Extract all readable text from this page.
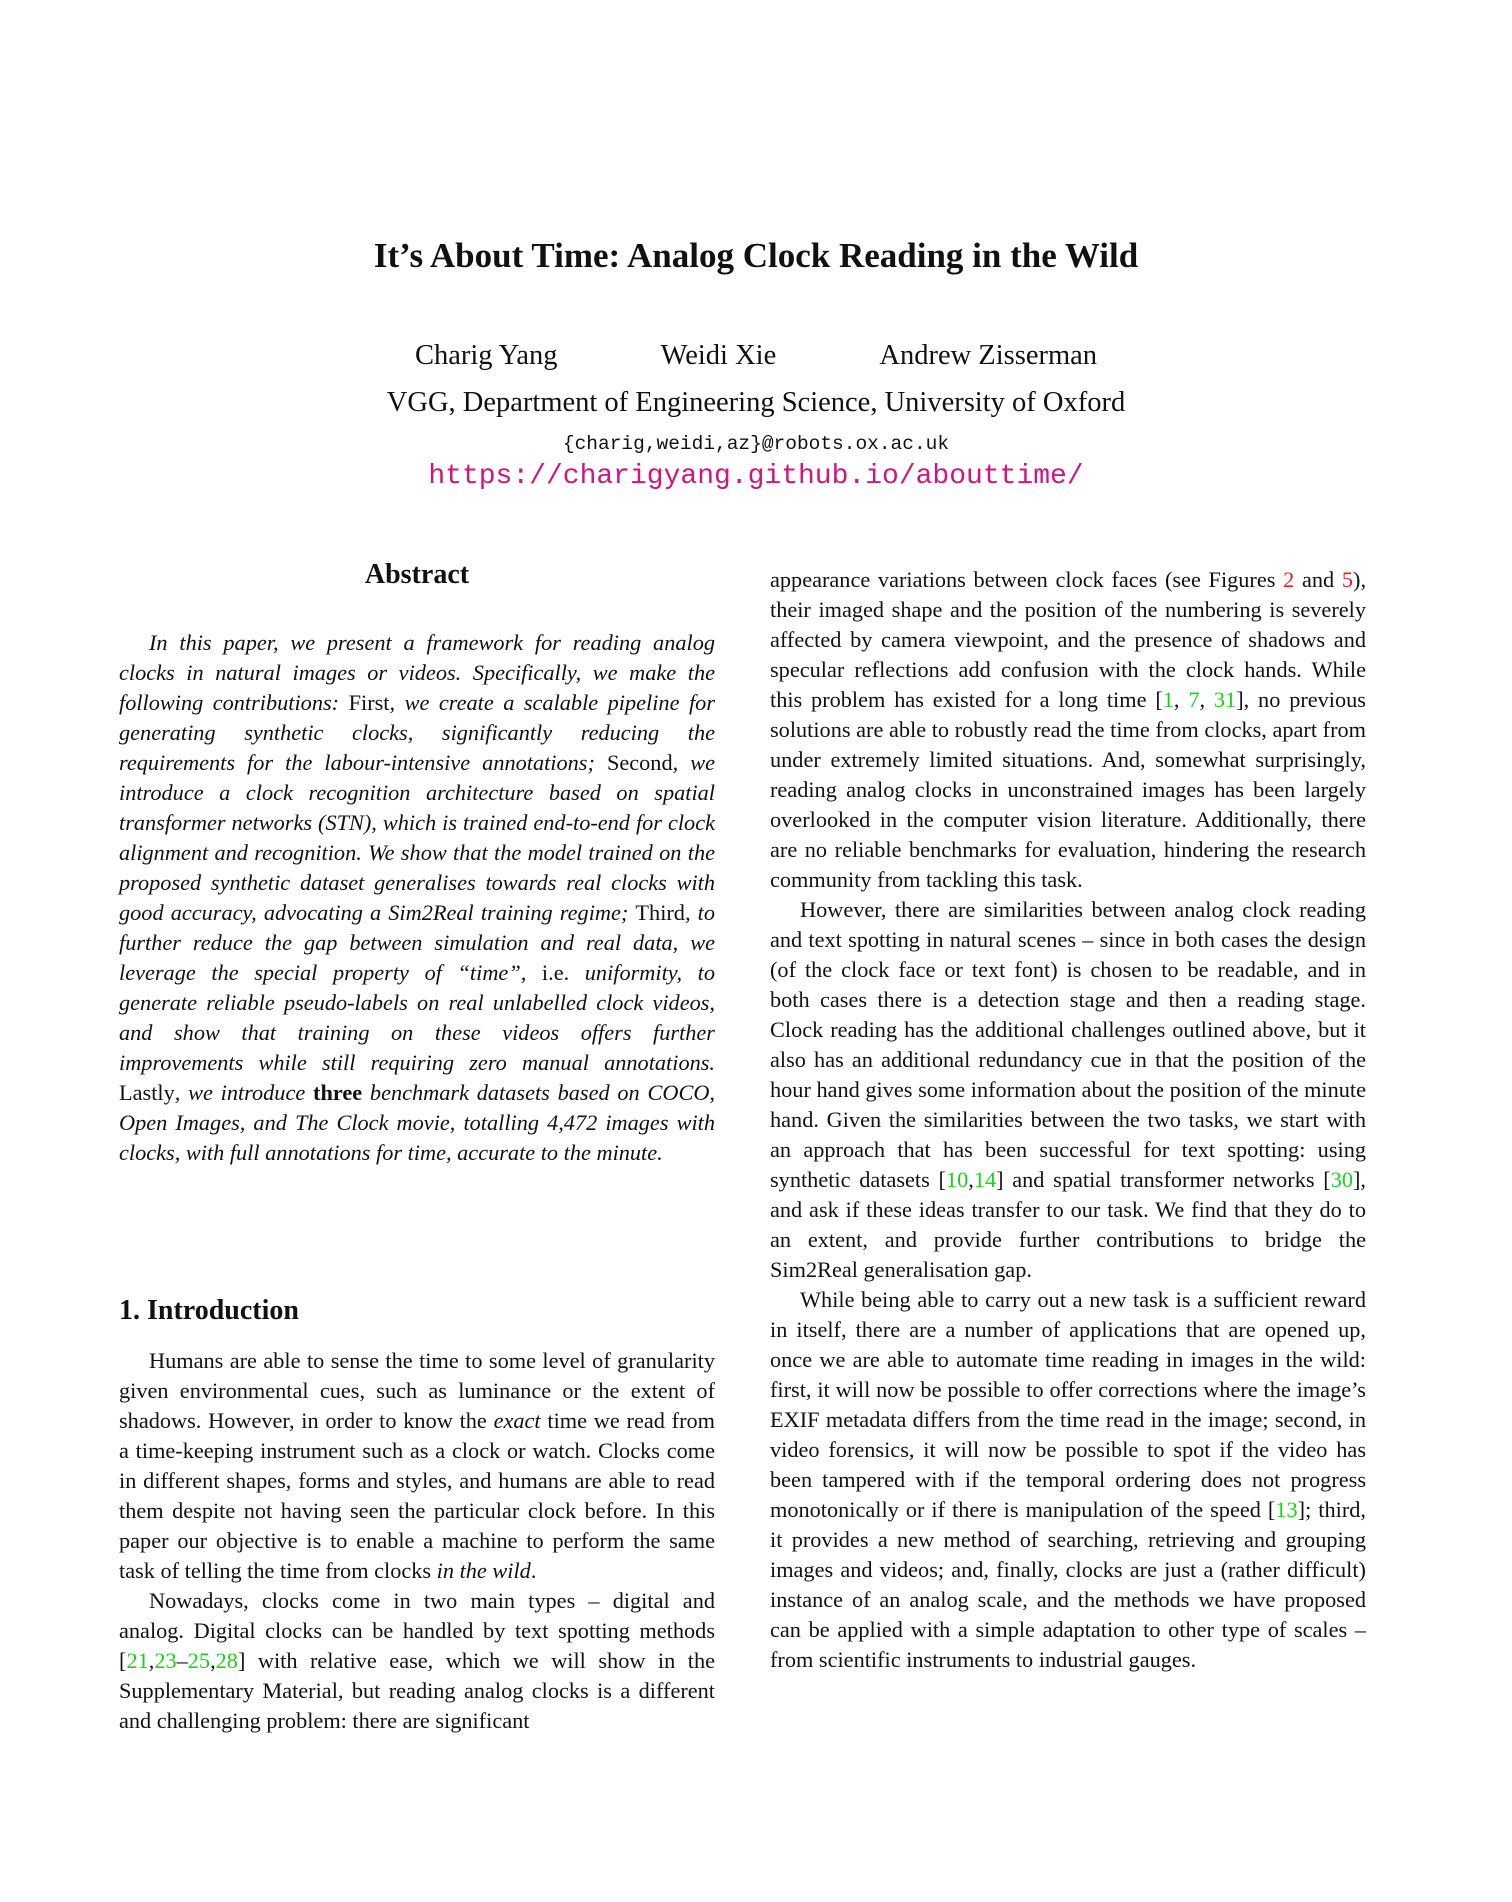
It’s About Time: Analog Clock Reading in the Wild
Charig Yang	Weidi Xie	Andrew Zisserman
VGG, Department of Engineering Science, University of Oxford
{charig,weidi,az}@robots.ox.ac.uk
https://charigyang.github.io/abouttime/
Abstract

In this paper, we present a framework for reading analog clocks in natural images or videos. Specifically, we make the following contributions: First, we create a scalable pipeline for generating synthetic clocks, significantly reducing the requirements for the labour-intensive annotations; Second, we introduce a clock recognition architecture based on spatial transformer networks (STN), which is trained end-to-end for clock alignment and recognition. We show that the model trained on the proposed synthetic dataset generalises towards real clocks with good accuracy, advocating a Sim2Real training regime; Third, to further reduce the gap between simulation and real data, we leverage the special property of “time”, i.e. uniformity, to generate reliable pseudo-labels on real unlabelled clock videos, and show that training on these videos offers further improvements while still requiring zero manual annotations. Lastly, we introduce three benchmark datasets based on COCO, Open Images, and The Clock movie, totalling 4,472 images with clocks, with full annotations for time, accurate to the minute.

1. Introduction

Humans are able to sense the time to some level of granularity given environmental cues, such as luminance or the extent of shadows. However, in order to know the exact time we read from a time-keeping instrument such as a clock or watch. Clocks come in different shapes, forms and styles, and humans are able to read them despite not having seen the particular clock before. In this paper our objective is to enable a machine to perform the same task of telling the time from clocks in the wild.

Nowadays, clocks come in two main types – digital and analog. Digital clocks can be handled by text spotting methods [21,23–25,28] with relative ease, which we will show in the Supplementary Material, but reading analog clocks is a different and challenging problem: there are significant

appearance variations between clock faces (see Figures 2 and 5), their imaged shape and the position of the numbering is severely affected by camera viewpoint, and the presence of shadows and specular reflections add confusion with the clock hands. While this problem has existed for a long time [1, 7, 31], no previous solutions are able to robustly read the time from clocks, apart from under extremely limited situations. And, somewhat surprisingly, reading analog clocks in unconstrained images has been largely overlooked in the computer vision literature. Additionally, there are no reliable benchmarks for evaluation, hindering the research community from tackling this task.

However, there are similarities between analog clock reading and text spotting in natural scenes – since in both cases the design (of the clock face or text font) is chosen to be readable, and in both cases there is a detection stage and then a reading stage. Clock reading has the additional challenges outlined above, but it also has an additional redundancy cue in that the position of the hour hand gives some information about the position of the minute hand. Given the similarities between the two tasks, we start with an approach that has been successful for text spotting: using synthetic datasets [10,14] and spatial transformer networks [30], and ask if these ideas transfer to our task. We find that they do to an extent, and provide further contributions to bridge the Sim2Real generalisation gap.

While being able to carry out a new task is a sufficient reward in itself, there are a number of applications that are opened up, once we are able to automate time reading in images in the wild: first, it will now be possible to offer corrections where the image’s EXIF metadata differs from the time read in the image; second, in video forensics, it will now be possible to spot if the video has been tampered with if the temporal ordering does not progress monotonically or if there is manipulation of the speed [13]; third, it provides a new method of searching, retrieving and grouping images and videos; and, finally, clocks are just a (rather difficult) instance of an analog scale, and the methods we have proposed can be applied with a simple adaptation to other type of scales – from scientific instruments to industrial gauges.
